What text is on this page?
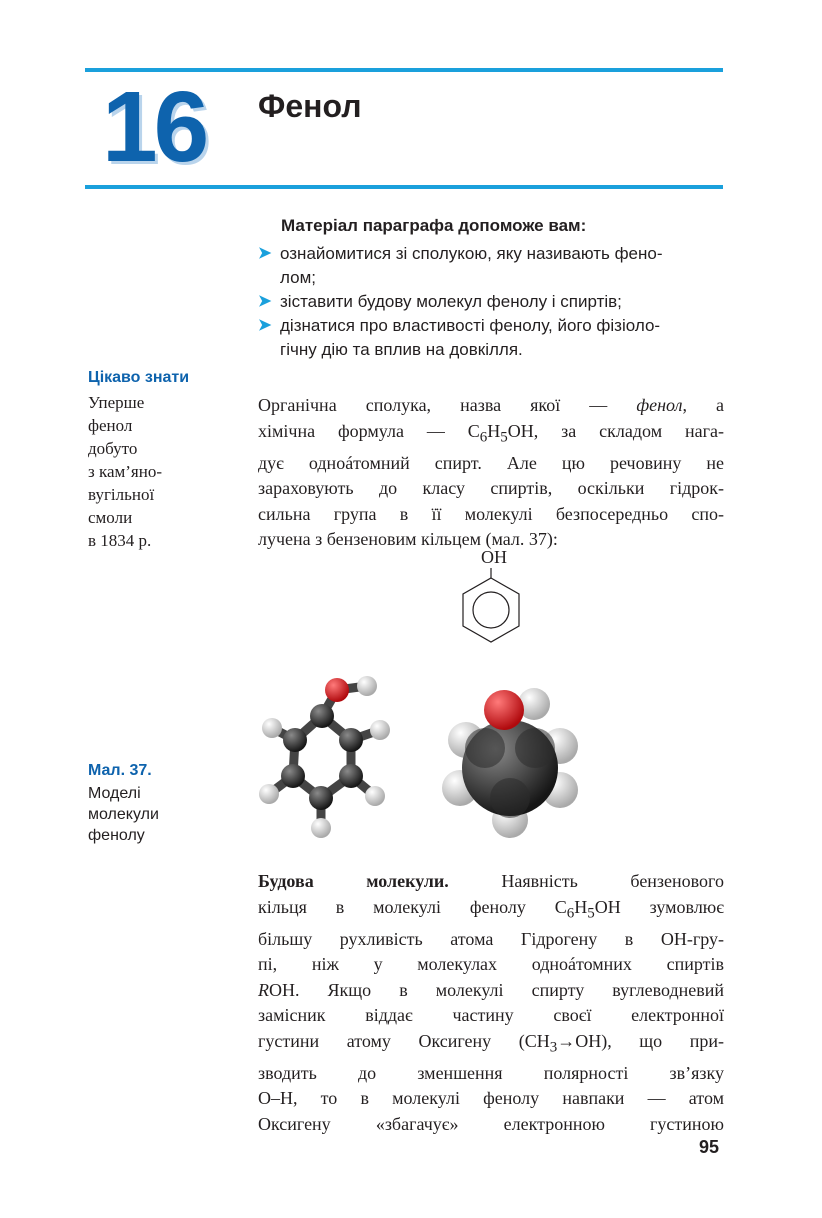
16 Фенол
Матеріал параграфа допоможе вам:
➤ ознайомитися зі сполукою, яку називають фено-
лом;
➤ зіставити будову молекул фенолу і спиртів;
➤ дізнатися про властивості фенолу, його фізіоло-
гічну дію та вплив на довкілля.
Цікаво знати
Уперше
фенол
добуто
з кам’яно-
вугільної
смоли
в 1834 р.
Органічна сполука, назва якої — фенол, а
хімічна формула — $C_6H_5OH$, за складом нага-
дує одноáтомний спирт. Але цю речовину не
зараховують до класу спиртів, оскільки гідрок-
сильна група в її молекулі безпосередньо спо-
лучена з бензеновим кільцем (мал. 37):
OH
Мал. 37.
Моделі
молекули
фенолу
Будова молекули. Наявність бензенового
кільця в молекулі фенолу $C_6H_5OH$ зумовлює
більшу рухливість атома Гідрогену в OH-гру-
пі, ніж у молекулах одноáтомних спиртів
ROH. Якщо в молекулі спирту вуглеводневий
замісник віддає частину своєї електронної
густини атому Оксигену $(CH_3\to OH)$, що при-
зводить до зменшення полярності зв’язку
O–H, то в молекулі фенолу навпаки — атом
Оксигену «збагачує» електронною густиною
95
